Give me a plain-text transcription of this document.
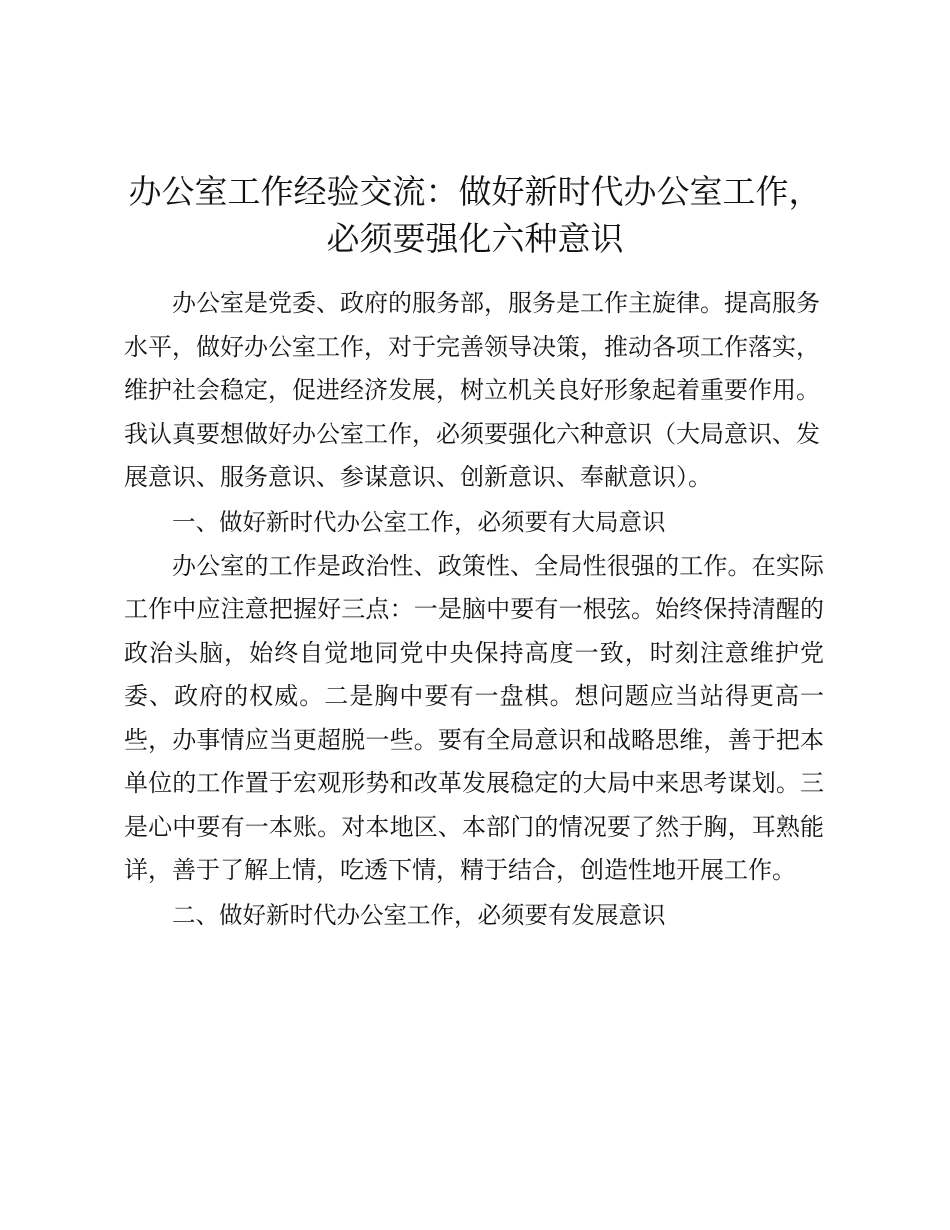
办公室工作经验交流：做好新时代办公室工作，必须要强化六种意识

办公室是党委、政府的服务部，服务是工作主旋律。提高服务水平，做好办公室工作，对于完善领导决策，推动各项工作落实，维护社会稳定，促进经济发展，树立机关良好形象起着重要作用。我认真要想做好办公室工作，必须要强化六种意识（大局意识、发展意识、服务意识、参谋意识、创新意识、奉献意识）。

一、做好新时代办公室工作，必须要有大局意识

办公室的工作是政治性、政策性、全局性很强的工作。在实际工作中应注意把握好三点：一是脑中要有一根弦。始终保持清醒的政治头脑，始终自觉地同党中央保持高度一致，时刻注意维护党委、政府的权威。二是胸中要有一盘棋。想问题应当站得更高一些，办事情应当更超脱一些。要有全局意识和战略思维，善于把本单位的工作置于宏观形势和改革发展稳定的大局中来思考谋划。三是心中要有一本账。对本地区、本部门的情况要了然于胸，耳熟能详，善于了解上情，吃透下情，精于结合，创造性地开展工作。

二、做好新时代办公室工作，必须要有发展意识
